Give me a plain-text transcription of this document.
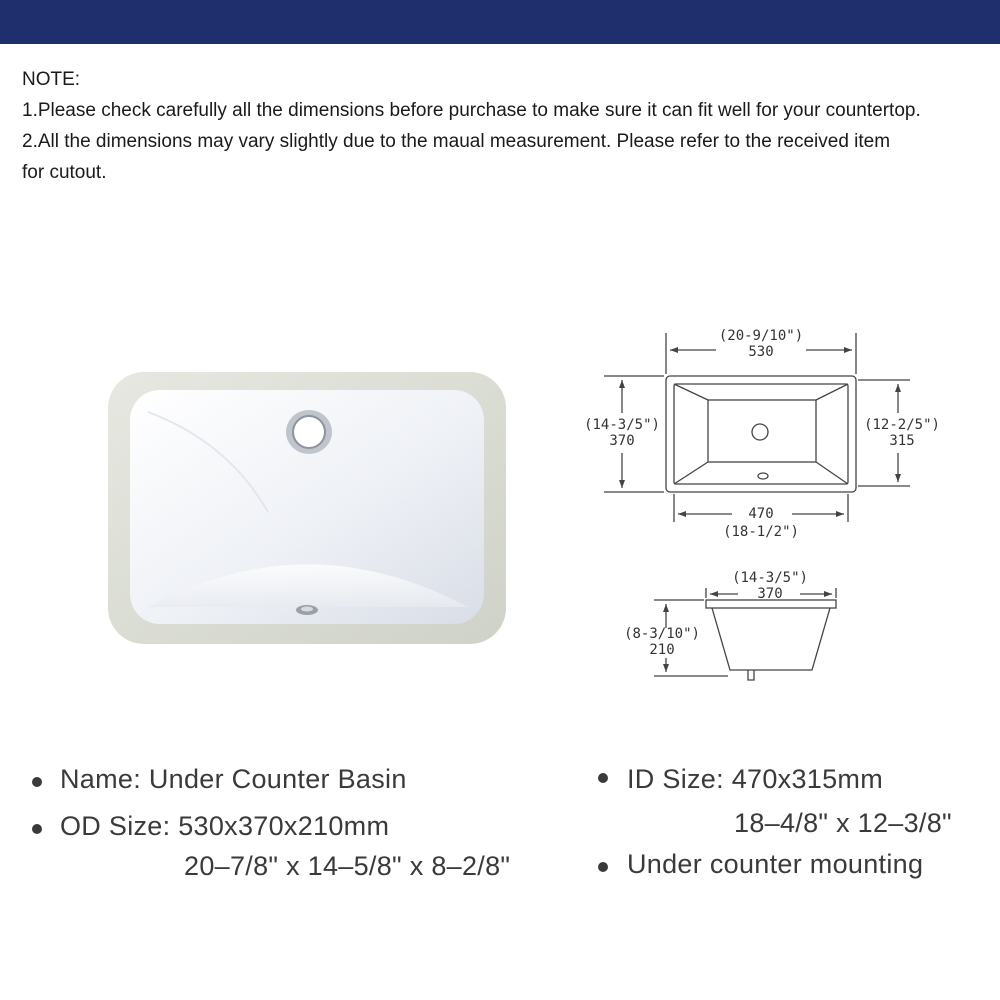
NOTE:
1.Please check carefully all the dimensions before purchase to make sure it can fit well for your countertop.
2.All the dimensions may vary slightly due to the maual measurement. Please refer to the received item
for cutout.
(20-9/10")
530
(14-3/5")
370
(12-2/5")
315
470
(18-1/2")
(14-3/5")
370
(8-3/10")
210
Name: Under Counter Basin
OD Size: 530x370x210mm
20–7/8" x 14–5/8" x 8–2/8"
ID Size: 470x315mm
18–4/8" x 12–3/8"
Under counter mounting
